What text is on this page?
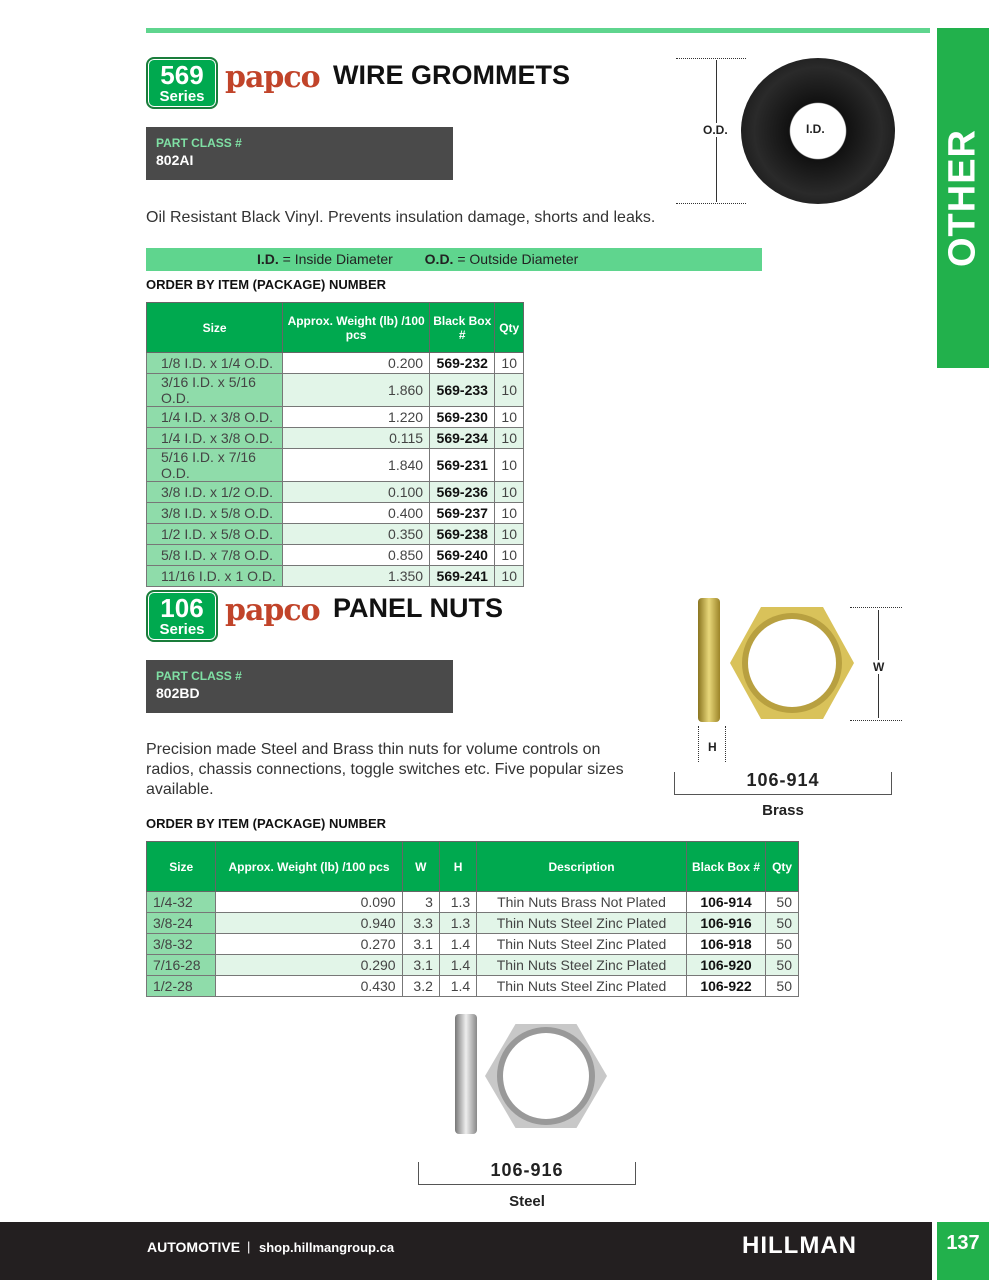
OTHER
569
Series
papco WIRE GROMMETS
PART CLASS #
802AI
Oil Resistant Black Vinyl. Prevents insulation damage, shorts and leaks.
I.D. = Inside Diameter O.D. = Outside Diameter
ORDER BY ITEM (PACKAGE) NUMBER
Size	Approx. Weight (lb) /100 pcs	Black Box #	Qty
1/8 I.D. x 1/4 O.D.	0.200	569-232	10
3/16 I.D. x 5/16 O.D.	1.860	569-233	10
1/4 I.D. x 3/8 O.D.	1.220	569-230	10
1/4 I.D. x 3/8 O.D.	0.115	569-234	10
5/16 I.D. x 7/16 O.D.	1.840	569-231	10
3/8 I.D. x 1/2 O.D.	0.100	569-236	10
3/8 I.D. x 5/8 O.D.	0.400	569-237	10
1/2 I.D. x 5/8 O.D.	0.350	569-238	10
5/8 I.D. x 7/8 O.D.	0.850	569-240	10
11/16 I.D. x 1 O.D.	1.350	569-241	10
O.D.	I.D.
106
Series
papco PANEL NUTS
PART CLASS #
802BD
Precision made Steel and Brass thin nuts for volume controls on radios, chassis connections, toggle switches etc. Five popular sizes available.
ORDER BY ITEM (PACKAGE) NUMBER
Size	Approx. Weight (lb) /100 pcs	W	H	Description	Black Box #	Qty
1/4-32	0.090	3	1.3	Thin Nuts Brass Not Plated	106-914	50
3/8-24	0.940	3.3	1.3	Thin Nuts Steel Zinc Plated	106-916	50
3/8-32	0.270	3.1	1.4	Thin Nuts Steel Zinc Plated	106-918	50
7/16-28	0.290	3.1	1.4	Thin Nuts Steel Zinc Plated	106-920	50
1/2-28	0.430	3.2	1.4	Thin Nuts Steel Zinc Plated	106-922	50
W
H
106-914
Brass
106-916
Steel
AUTOMOTIVE | shop.hillmangroup.ca	HILLMAN	137
